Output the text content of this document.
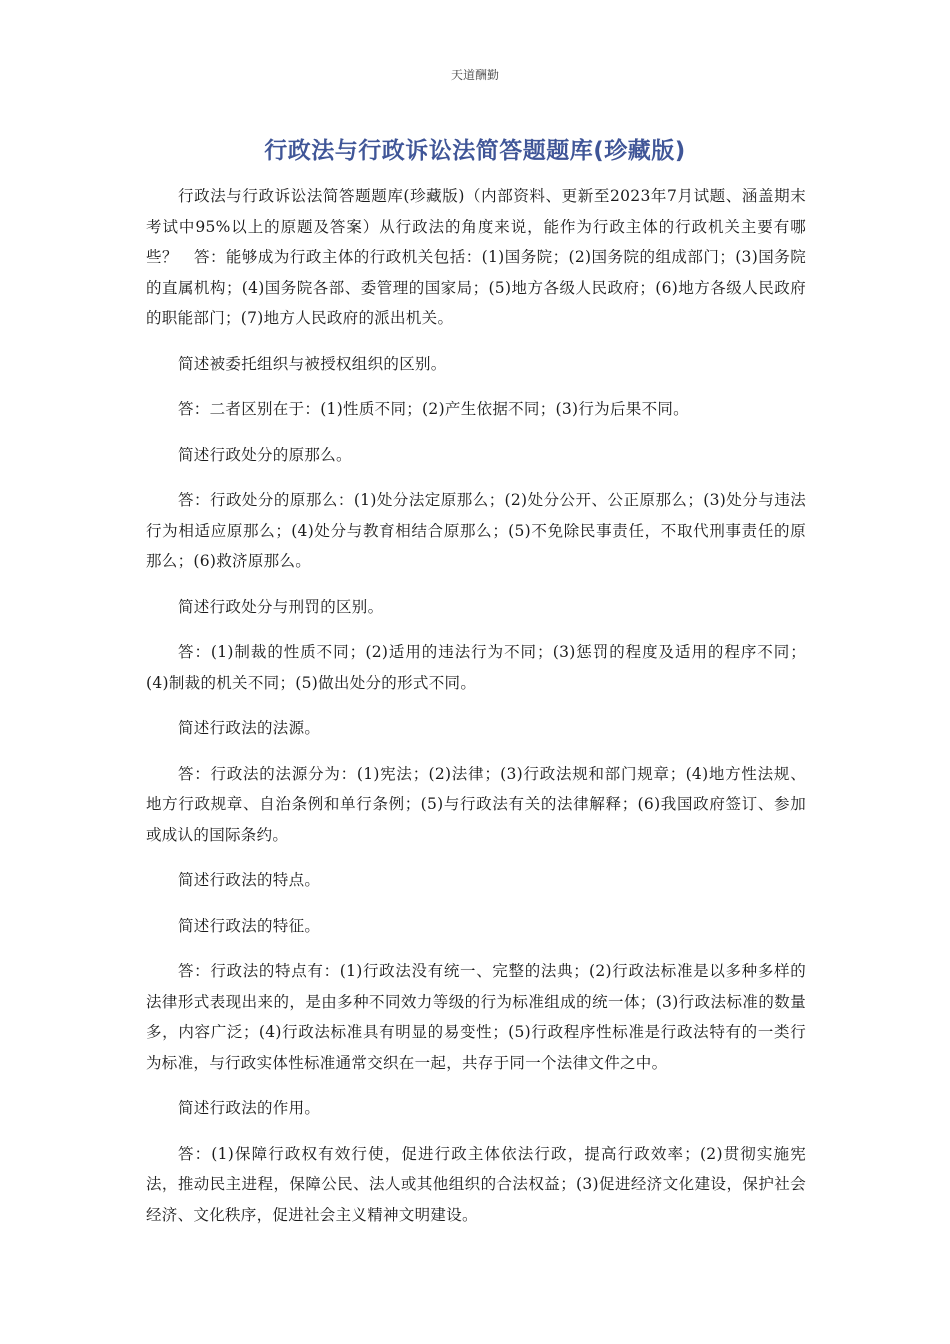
天道酬勤
行政法与行政诉讼法简答题题库(珍藏版)

行政法与行政诉讼法简答题题库(珍藏版)（内部资料、更新至2023年7月试题、涵盖期末考试中95%以上的原题及答案）从行政法的角度来说，能作为行政主体的行政机关主要有哪些？　答：能够成为行政主体的行政机关包括：(1)国务院；(2)国务院的组成部门；(3)国务院的直属机构；(4)国务院各部、委管理的国家局；(5)地方各级人民政府；(6)地方各级人民政府的职能部门；(7)地方人民政府的派出机关。

简述被委托组织与被授权组织的区别。

答：二者区别在于：(1)性质不同；(2)产生依据不同；(3)行为后果不同。

简述行政处分的原那么。

答：行政处分的原那么：(1)处分法定原那么；(2)处分公开、公正原那么；(3)处分与违法行为相适应原那么；(4)处分与教育相结合原那么；(5)不免除民事责任，不取代刑事责任的原那么；(6)救济原那么。

简述行政处分与刑罚的区别。

答：(1)制裁的性质不同；(2)适用的违法行为不同；(3)惩罚的程度及适用的程序不同；(4)制裁的机关不同；(5)做出处分的形式不同。

简述行政法的法源。

答：行政法的法源分为：(1)宪法；(2)法律；(3)行政法规和部门规章；(4)地方性法规、地方行政规章、自治条例和单行条例；(5)与行政法有关的法律解释；(6)我国政府签订、参加或成认的国际条约。

简述行政法的特点。

简述行政法的特征。

答：行政法的特点有：(1)行政法没有统一、完整的法典；(2)行政法标准是以多种多样的法律形式表现出来的，是由多种不同效力等级的行为标准组成的统一体；(3)行政法标准的数量多，内容广泛；(4)行政法标准具有明显的易变性；(5)行政程序性标准是行政法特有的一类行为标准，与行政实体性标准通常交织在一起，共存于同一个法律文件之中。

简述行政法的作用。

答：(1)保障行政权有效行使，促进行政主体依法行政，提高行政效率；(2)贯彻实施宪法，推动民主进程，保障公民、法人或其他组织的合法权益；(3)促进经济文化建设，保护社会经济、文化秩序，促进社会主义精神文明建设。
